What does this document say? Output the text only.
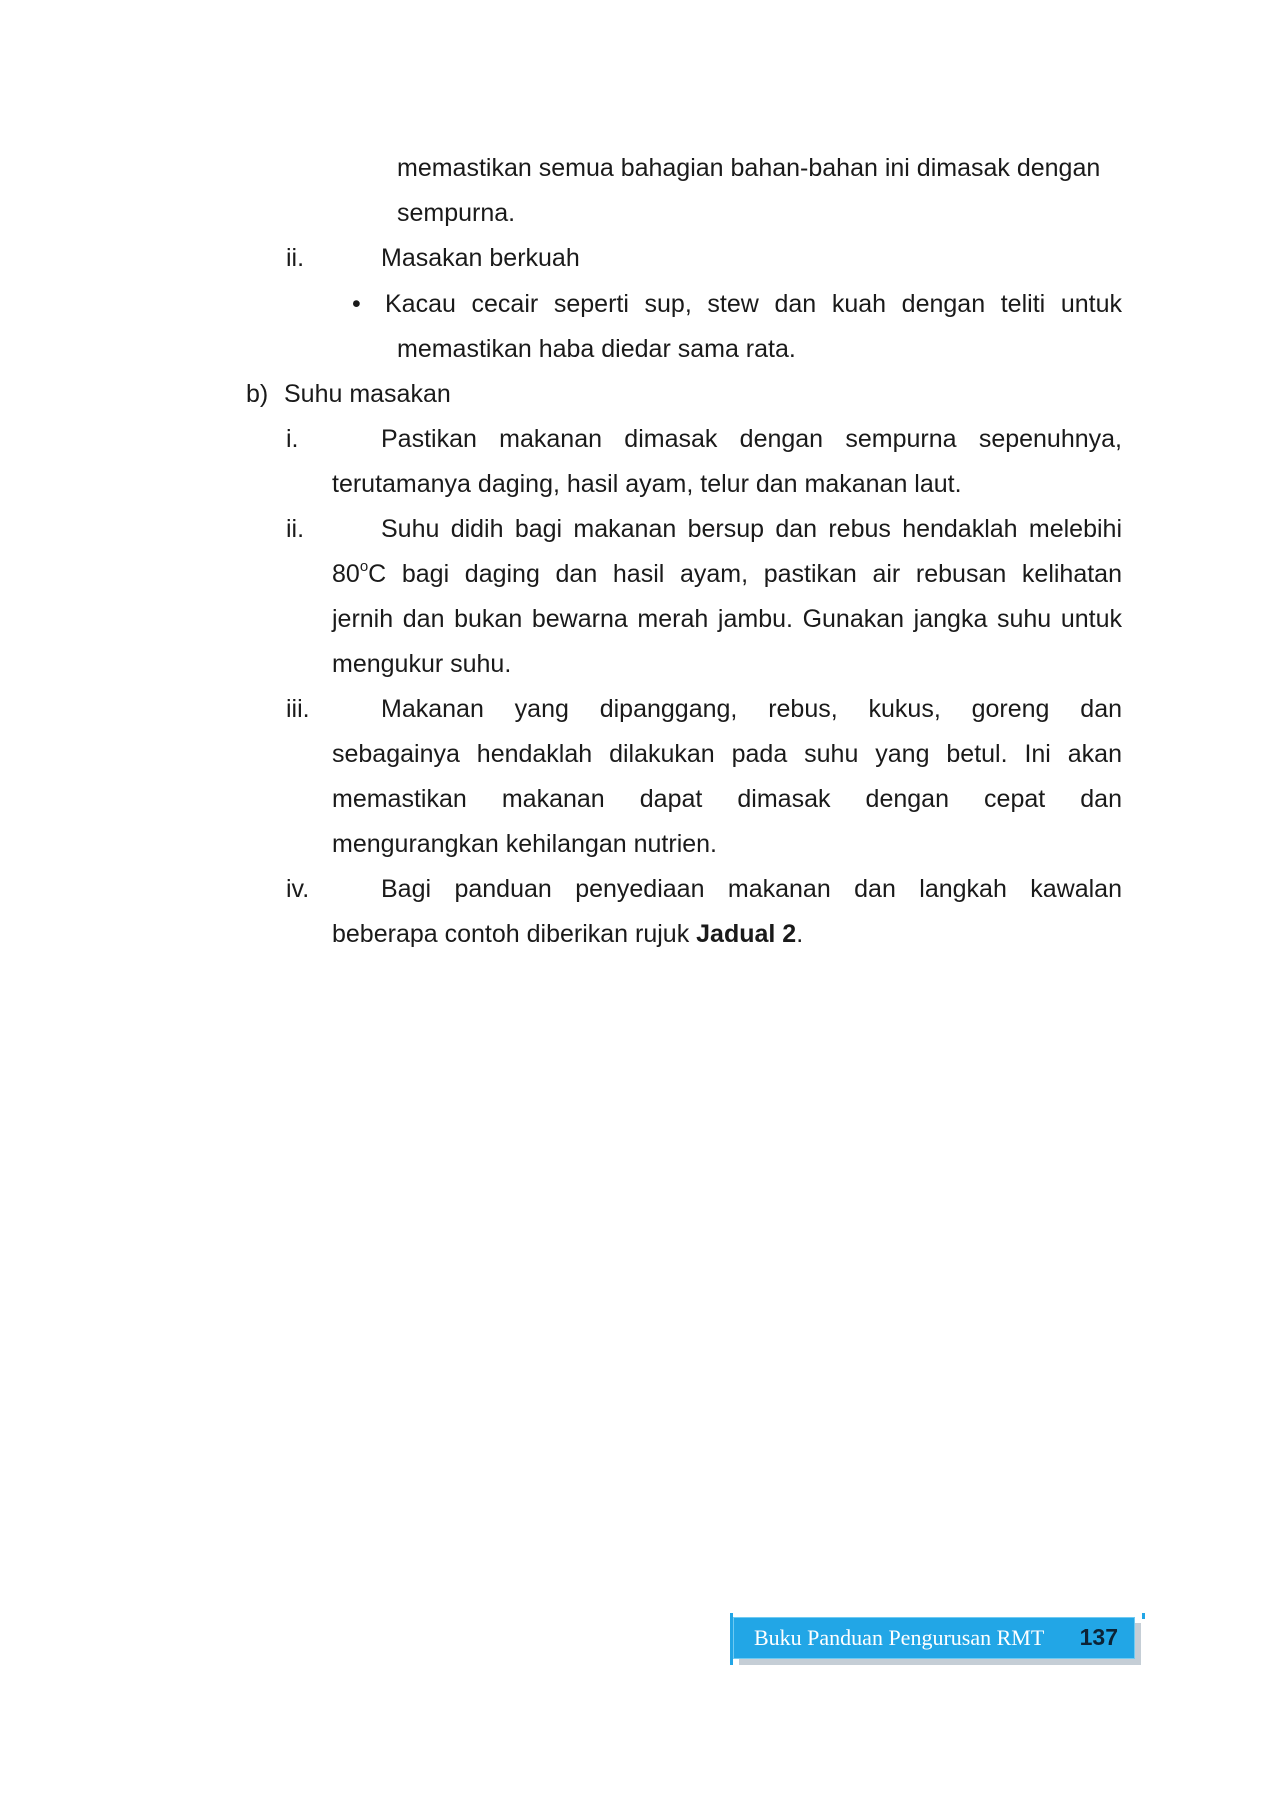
memastikan semua bahagian bahan-bahan ini dimasak dengan
sempurna.
ii.	Masakan berkuah
• Kacau cecair seperti sup, stew dan kuah dengan teliti untuk
memastikan haba diedar sama rata.
b) Suhu masakan
i.	Pastikan makanan dimasak dengan sempurna sepenuhnya,
terutamanya daging, hasil ayam, telur dan makanan laut.
ii.	Suhu didih bagi makanan bersup dan rebus hendaklah melebihi
80$^o$C bagi daging dan hasil ayam, pastikan air rebusan kelihatan
jernih dan bukan bewarna merah jambu. Gunakan jangka suhu untuk
mengukur suhu.
iii.	Makanan yang dipanggang, rebus, kukus, goreng dan
sebagainya hendaklah dilakukan pada suhu yang betul. Ini akan
memastikan makanan dapat dimasak dengan cepat dan
mengurangkan kehilangan nutrien.
iv.	Bagi panduan penyediaan makanan dan langkah kawalan
beberapa contoh diberikan rujuk Jadual 2.
Buku Panduan Pengurusan RMT 137
